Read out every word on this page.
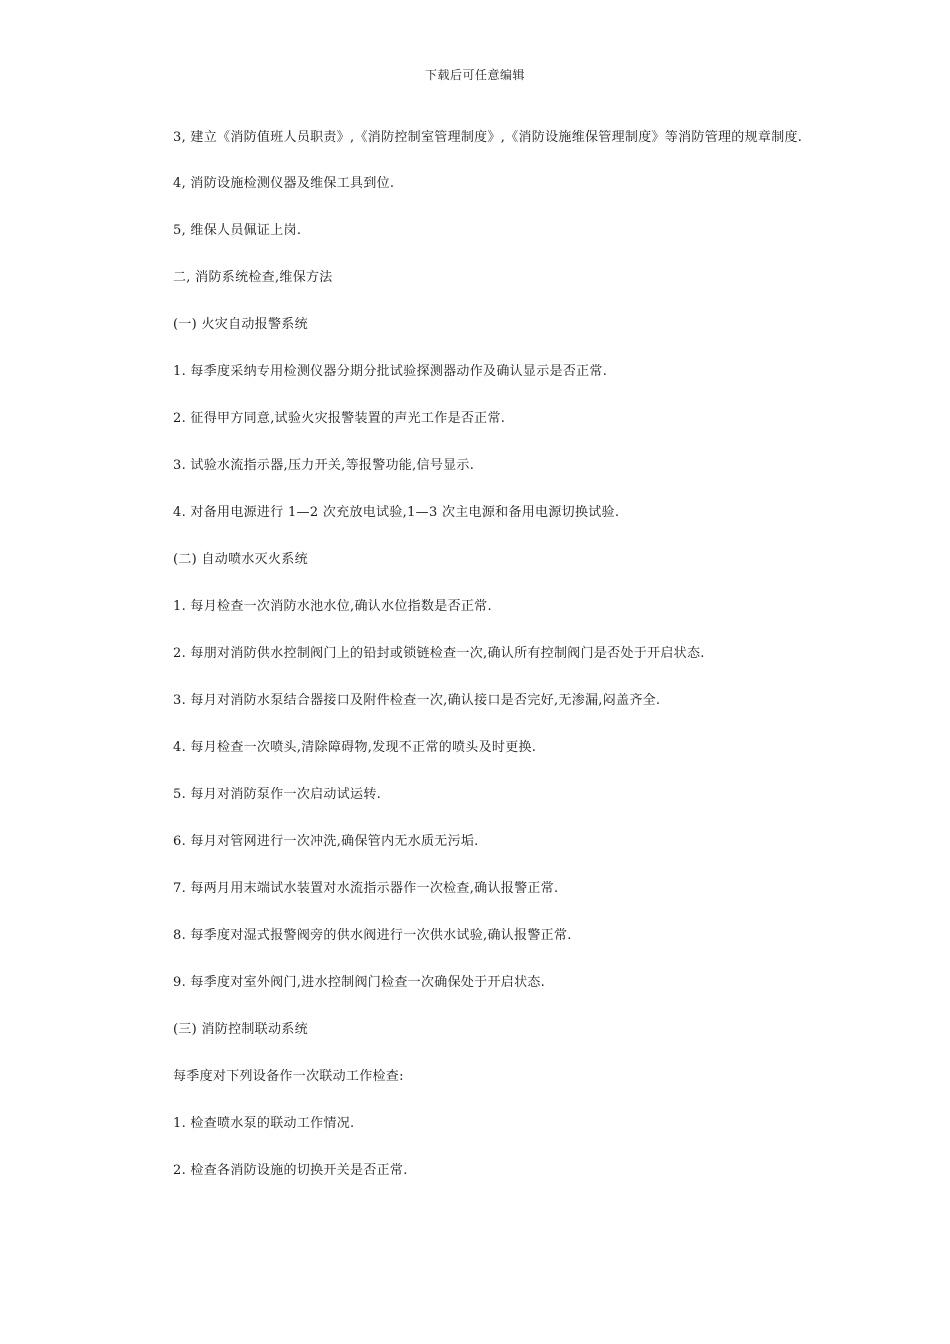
下载后可任意编辑

3, 建立《消防值班人员职责》,《消防控制室管理制度》,《消防设施维保管理制度》等消防管理的规章制度.

4, 消防设施检测仪器及维保工具到位.

5, 维保人员佩证上岗.

二, 消防系统检查,维保方法

(一) 火灾自动报警系统

1. 每季度采纳专用检测仪器分期分批试验探测器动作及确认显示是否正常.

2. 征得甲方同意,试验火灾报警装置的声光工作是否正常.

3. 试验水流指示器,压力开关,等报警功能,信号显示.

4. 对备用电源进行 1—2 次充放电试验,1—3 次主电源和备用电源切换试验.

(二) 自动喷水灭火系统

1. 每月检查一次消防水池水位,确认水位指数是否正常.

2. 每朋对消防供水控制阀门上的铅封或锁链检查一次,确认所有控制阀门是否处于开启状态.

3. 每月对消防水泵结合器接口及附件检查一次,确认接口是否完好,无渗漏,闷盖齐全.

4. 每月检查一次喷头,清除障碍物,发现不正常的喷头及时更换.

5. 每月对消防泵作一次启动试运转.

6. 每月对管网进行一次冲洗,确保管内无水质无污垢.

7. 每两月用末端试水装置对水流指示器作一次检查,确认报警正常.

8. 每季度对湿式报警阀旁的供水阀进行一次供水试验,确认报警正常.

9. 每季度对室外阀门,进水控制阀门检查一次确保处于开启状态.

(三) 消防控制联动系统

每季度对下列设备作一次联动工作检查:

1. 检查喷水泵的联动工作情况.

2. 检查各消防设施的切换开关是否正常.
